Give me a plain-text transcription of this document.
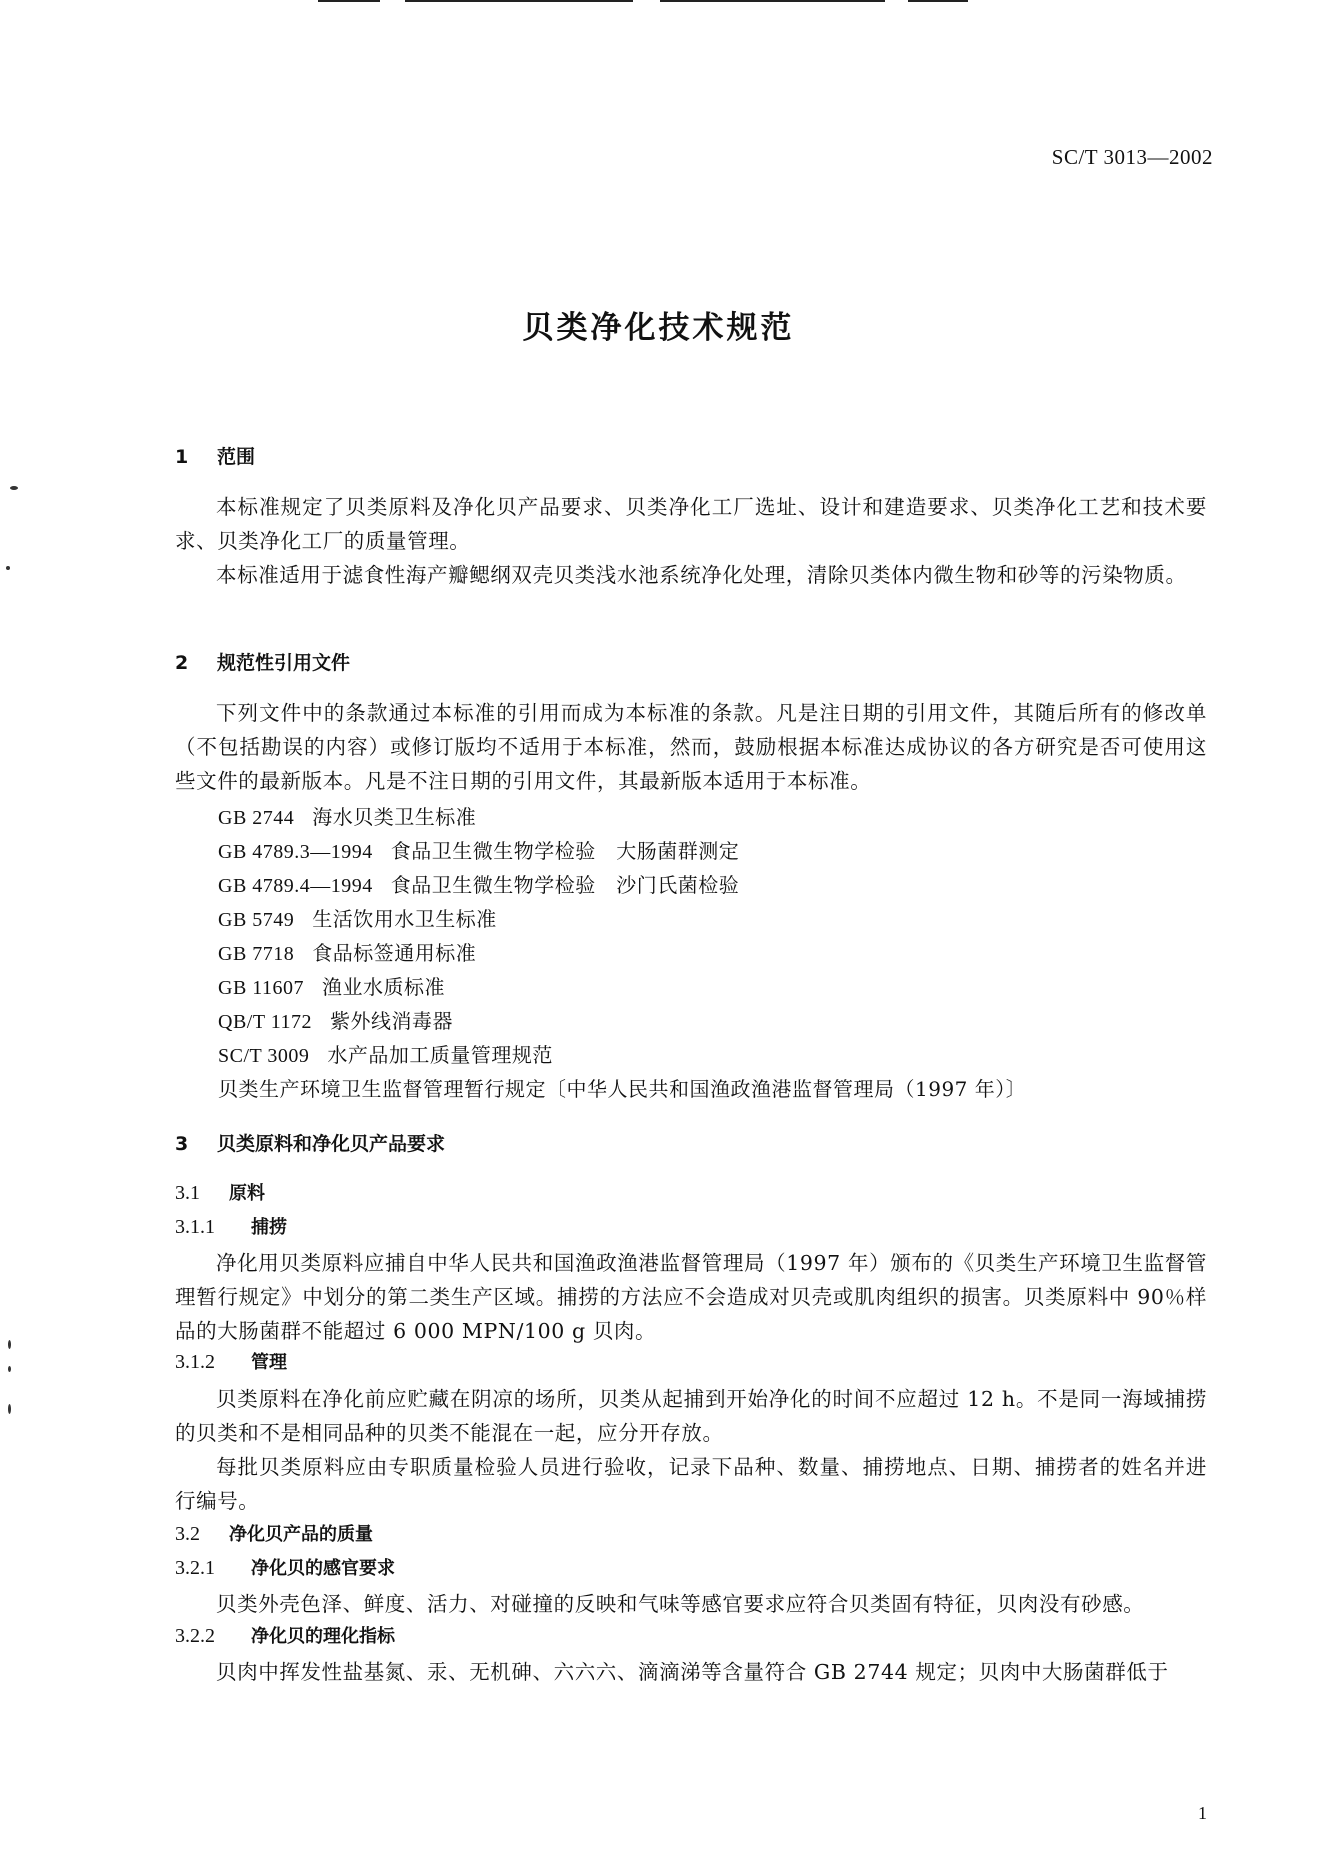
SC/T 3013—2002
贝类净化技术规范
1 范围
本标准规定了贝类原料及净化贝产品要求、贝类净化工厂选址、设计和建造要求、贝类净化工艺和技术要求、贝类净化工厂的质量管理。
本标准适用于滤食性海产瓣鳃纲双壳贝类浅水池系统净化处理，清除贝类体内微生物和砂等的污染物质。
2 规范性引用文件
下列文件中的条款通过本标准的引用而成为本标准的条款。凡是注日期的引用文件，其随后所有的修改单（不包括勘误的内容）或修订版均不适用于本标准，然而，鼓励根据本标准达成协议的各方研究是否可使用这些文件的最新版本。凡是不注日期的引用文件，其最新版本适用于本标准。
GB 2744 海水贝类卫生标准
GB 4789.3—1994 食品卫生微生物学检验　大肠菌群测定
GB 4789.4—1994 食品卫生微生物学检验　沙门氏菌检验
GB 5749 生活饮用水卫生标准
GB 7718 食品标签通用标准
GB 11607 渔业水质标准
QB/T 1172 紫外线消毒器
SC/T 3009 水产品加工质量管理规范
贝类生产环境卫生监督管理暂行规定〔中华人民共和国渔政渔港监督管理局（1997 年）〕
3 贝类原料和净化贝产品要求
3.1 原料
3.1.1 捕捞
净化用贝类原料应捕自中华人民共和国渔政渔港监督管理局（1997 年）颁布的《贝类生产环境卫生监督管理暂行规定》中划分的第二类生产区域。捕捞的方法应不会造成对贝壳或肌肉组织的损害。贝类原料中 90％样品的大肠菌群不能超过 6 000 MPN/100 g 贝肉。
3.1.2 管理
贝类原料在净化前应贮藏在阴凉的场所，贝类从起捕到开始净化的时间不应超过 12 h。不是同一海域捕捞的贝类和不是相同品种的贝类不能混在一起，应分开存放。
每批贝类原料应由专职质量检验人员进行验收，记录下品种、数量、捕捞地点、日期、捕捞者的姓名并进行编号。
3.2 净化贝产品的质量
3.2.1 净化贝的感官要求
贝类外壳色泽、鲜度、活力、对碰撞的反映和气味等感官要求应符合贝类固有特征，贝肉没有砂感。
3.2.2 净化贝的理化指标
贝肉中挥发性盐基氮、汞、无机砷、六六六、滴滴涕等含量符合 GB 2744 规定；贝肉中大肠菌群低于
1
